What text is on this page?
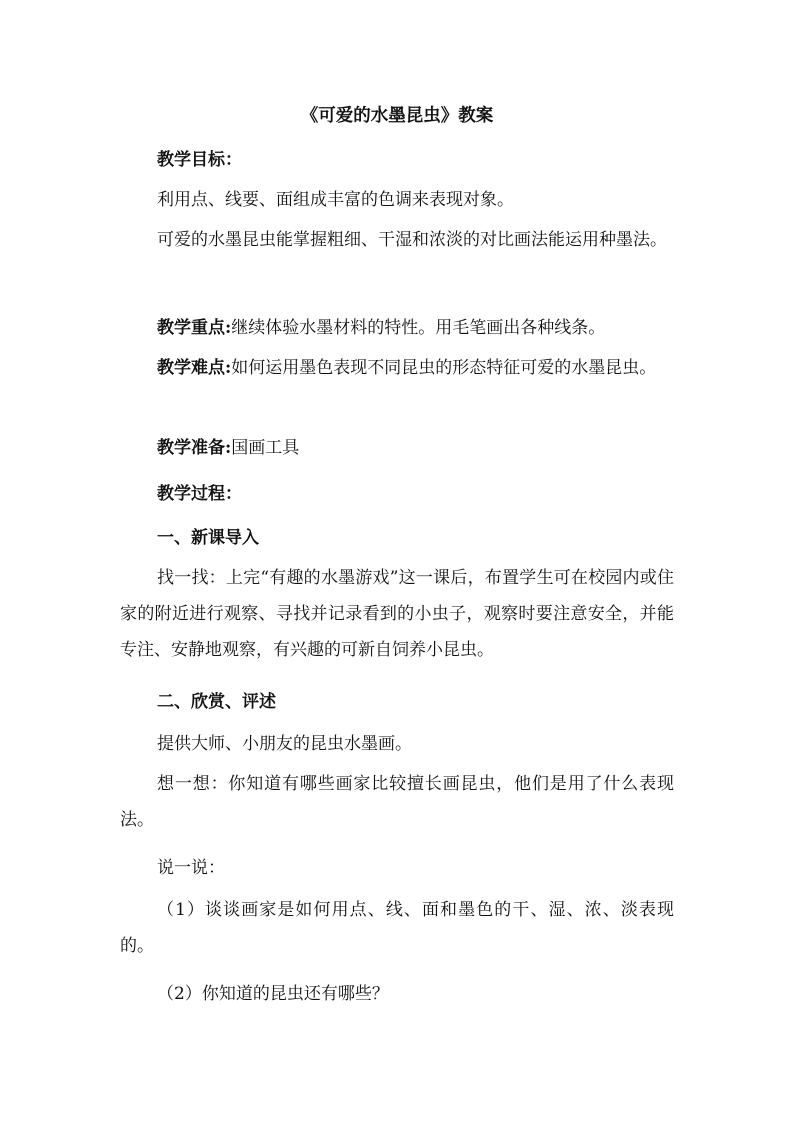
《可爱的水墨昆虫》教案
教学目标：
利用点、线要、面组成丰富的色调来表现对象。
可爱的水墨昆虫能掌握粗细、干湿和浓淡的对比画法能运用种墨法。
教学重点:继续体验水墨材料的特性。用毛笔画出各种线条。
教学难点:如何运用墨色表现不同昆虫的形态特征可爱的水墨昆虫。
教学准备:国画工具
教学过程：
一、新课导入
找一找：上完“有趣的水墨游戏”这一课后，布置学生可在校园内或住家的附近进行观察、寻找并记录看到的小虫子，观察时要注意安全，并能专注、安静地观察，有兴趣的可新自饲养小昆虫。
二、欣赏、评述
提供大师、小朋友的昆虫水墨画。
想一想：你知道有哪些画家比较擅长画昆虫，他们是用了什么表现法。
说一说：
（1）谈谈画家是如何用点、线、面和墨色的干、湿、浓、淡表现的。
（2）你知道的昆虫还有哪些？
